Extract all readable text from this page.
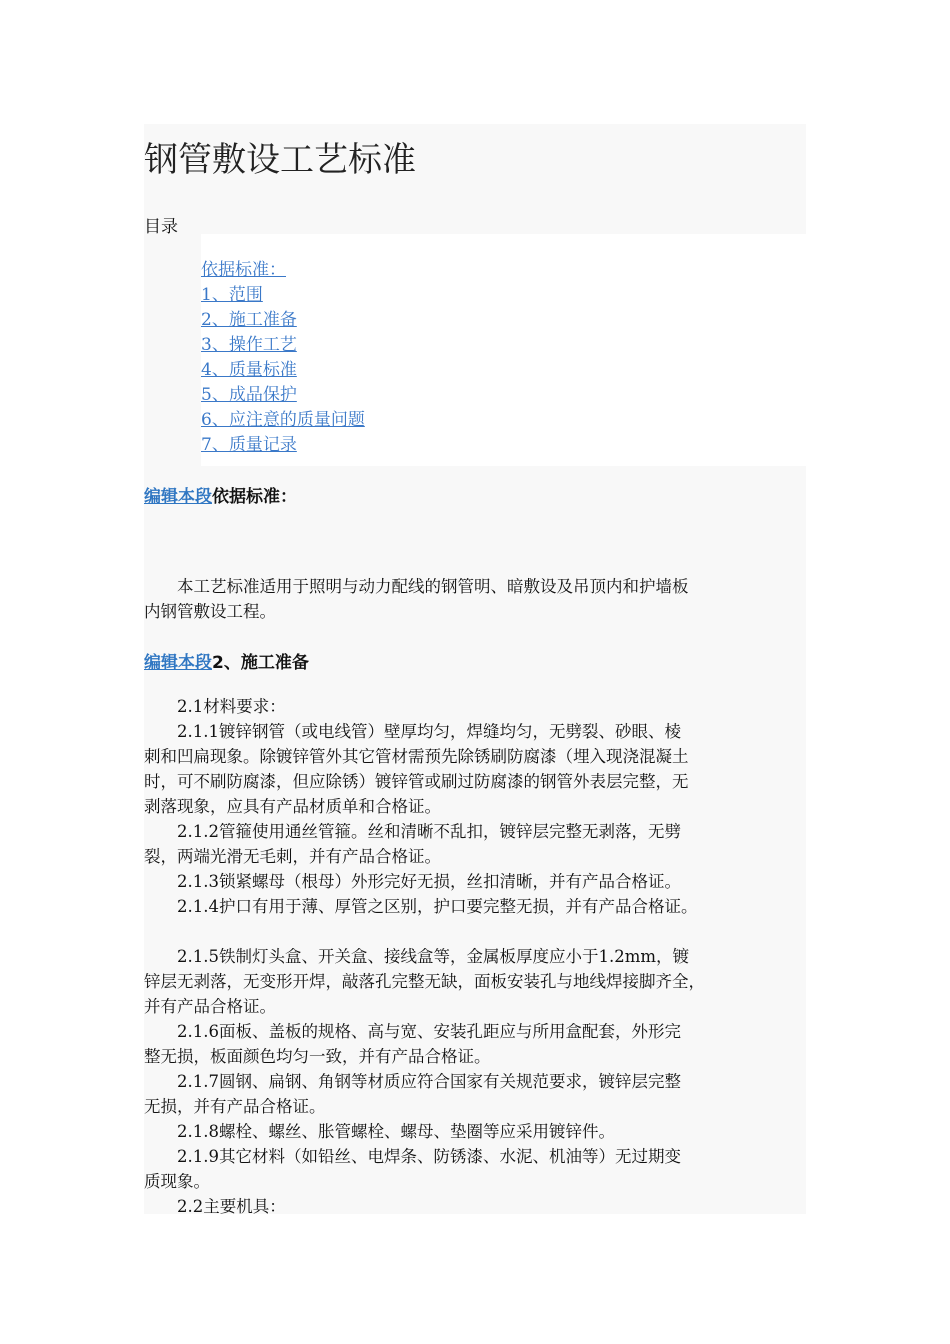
钢管敷设工艺标准
目录
依据标准：
1、范围
2、施工准备
3、操作工艺
4、质量标准
5、成品保护
6、应注意的质量问题
7、质量记录
编辑本段依据标准：
　　本工艺标准适用于照明与动力配线的钢管明、暗敷设及吊顶内和护墙板
内钢管敷设工程。
编辑本段2、施工准备
　　2.1材料要求：
　　2.1.1镀锌钢管（或电线管）壁厚均匀，焊缝均匀，无劈裂、砂眼、棱
刺和凹扁现象。除镀锌管外其它管材需预先除锈刷防腐漆（埋入现浇混凝土
时，可不刷防腐漆，但应除锈）镀锌管或刷过防腐漆的钢管外表层完整，无
剥落现象，应具有产品材质单和合格证。
　　2.1.2管箍使用通丝管箍。丝和清晰不乱扣，镀锌层完整无剥落，无劈
裂，两端光滑无毛刺，并有产品合格证。
　　2.1.3锁紧螺母（根母）外形完好无损，丝扣清晰，并有产品合格证。
　　2.1.4护口有用于薄、厚管之区别，护口要完整无损，并有产品合格证。
　　2.1.5铁制灯头盒、开关盒、接线盒等，金属板厚度应小于1.2mm，镀
锌层无剥落，无变形开焊，敲落孔完整无缺，面板安装孔与地线焊接脚齐全，
并有产品合格证。
　　2.1.6面板、盖板的规格、高与宽、安装孔距应与所用盒配套，外形完
整无损，板面颜色均匀一致，并有产品合格证。
　　2.1.7圆钢、扁钢、角钢等材质应符合国家有关规范要求，镀锌层完整
无损，并有产品合格证。
　　2.1.8螺栓、螺丝、胀管螺栓、螺母、垫圈等应采用镀锌件。
　　2.1.9其它材料（如铅丝、电焊条、防锈漆、水泥、机油等）无过期变
质现象。
　　2.2主要机具：
